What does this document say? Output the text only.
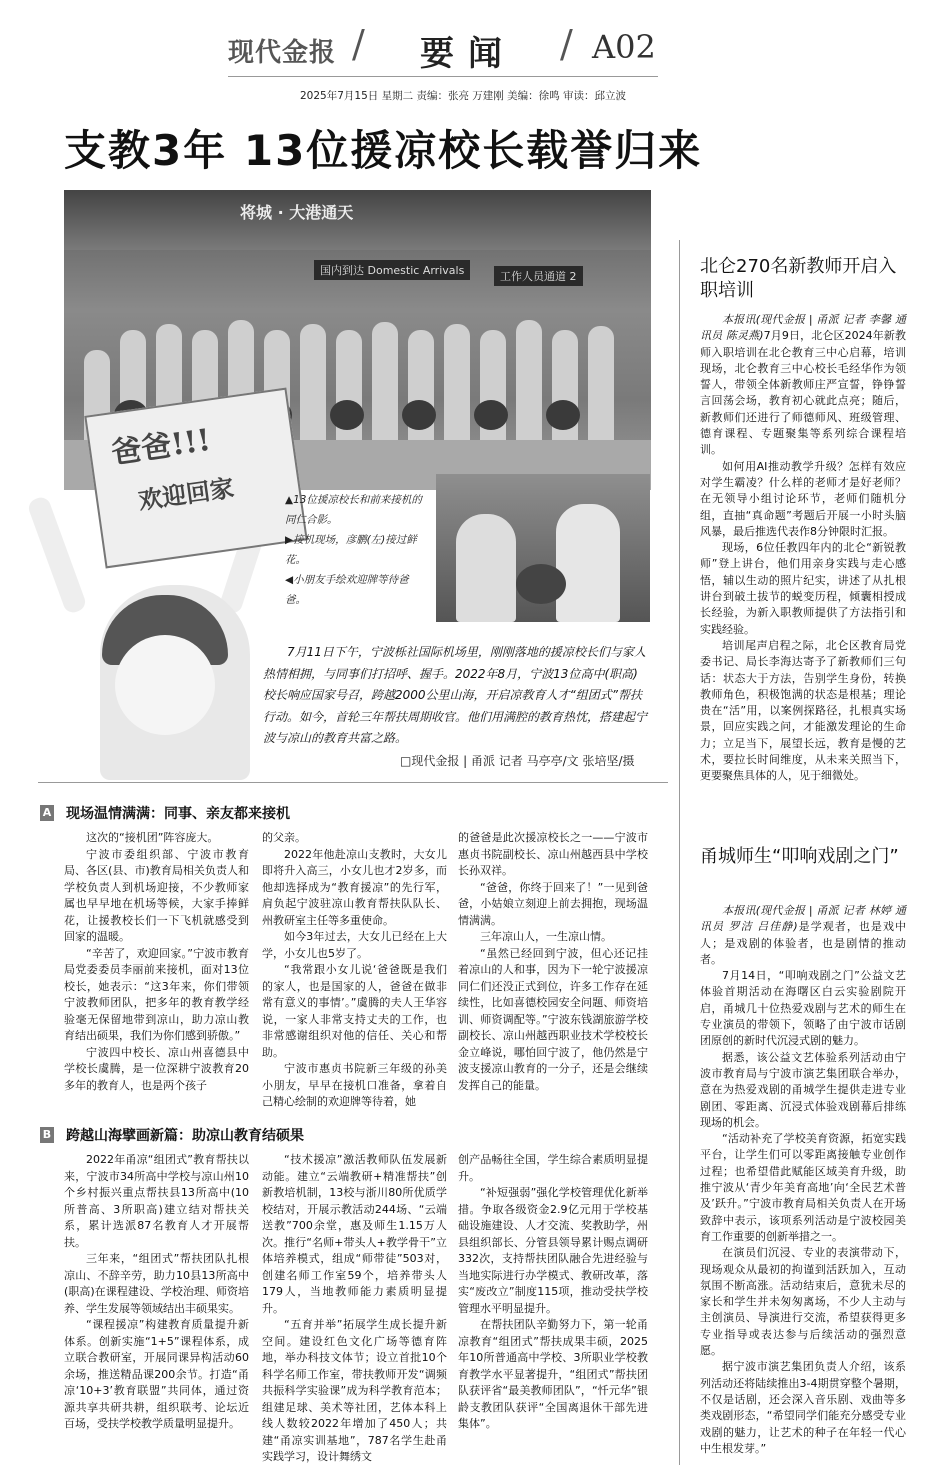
现代金报 / 要闻 / A02
2025年7月15日 星期二 责编：张亮 万建刚 美编：徐鸣 审读：邱立波
支教3年 13位援凉校长载誉归来
将城 · 大港通天
国内到达 Domestic Arrivals	工作人员通道 2
爸爸!!!
欢迎回家	▲13位援凉校长和前来接机的同仁合影。
▶接机现场，彦鹏(左)接过鲜花。
◀小朋友手绘欢迎牌等待爸爸。
7月11日下午，宁波栎社国际机场里，刚刚落地的援凉校长们与家人热情相拥，与同事们打招呼、握手。2022年8月，宁波13位高中(职高)校长响应国家号召，跨越2000公里山海，开启凉教育人才“组团式”帮扶行动。如今，首轮三年帮扶周期收官。他们用满腔的教育热忱，搭建起宁波与凉山的教育共富之路。
□现代金报 | 甬派 记者 马亭亭/文 张培坚/摄
A 现场温情满满：同事、亲友都来接机

这次的“接机团”阵容庞大。

宁波市委组织部、宁波市教育局、各区(县、市)教育局相关负责人和学校负责人到机场迎接，不少教师家属也早早地在机场等候，大家手捧鲜花，让援教校长们一下飞机就感受到回家的温暖。

“辛苦了，欢迎回家。”宁波市教育局党委委员李丽前来接机，面对13位校长，她表示：“这3年来，你们带领宁波教师团队，把多年的教育教学经验毫无保留地带到凉山，助力凉山教育结出硕果，我们为你们感到骄傲。”

宁波四中校长、凉山州喜德县中学校长虞腾，是一位深耕宁波教育20多年的教育人，也是两个孩子

的父亲。

2022年他赴凉山支教时，大女儿即将升入高三，小女儿也才2岁多，而他却选择成为“教育援凉”的先行军，肩负起宁波驻凉山教育帮扶队队长、州教研室主任等多重使命。

如今3年过去，大女儿已经在上大学，小女儿也5岁了。

“我常跟小女儿说‘爸爸既是我们的家人，也是国家的人，爸爸在做非常有意义的事情’。”虞腾的夫人王华容说，一家人非常支持丈夫的工作，也非常感谢组织对他的信任、关心和帮助。

宁波市惠贞书院新三年级的孙美小朋友，早早在接机口准备，拿着自己精心绘制的欢迎牌等待着，她

的爸爸是此次援凉校长之一——宁波市惠贞书院副校长、凉山州越西县中学校长孙双祥。

“爸爸，你终于回来了！”一见到爸爸，小姑娘立刻迎上前去拥抱，现场温情满满。

三年凉山人，一生凉山情。

“虽然已经回到宁波，但心还记挂着凉山的人和事，因为下一轮宁波援凉同仁们还没正式到位，许多工作存在延续性，比如喜德校园安全问题、师资培训、师资调配等。”宁波东钱湖旅游学校副校长、凉山州越西职业技术学校校长金立峰说，哪怕回宁波了，他仍然是宁波支援凉山教育的一分子，还是会继续发挥自己的能量。

B 跨越山海擘画新篇：助凉山教育结硕果

2022年甬凉“组团式”教育帮扶以来，宁波市34所高中学校与凉山州10个乡村振兴重点帮扶县13所高中(10所普高、3所职高)建立结对帮扶关系，累计选派87名教育人才开展帮扶。

三年来，“组团式”帮扶团队扎根凉山、不辞辛劳，助力10县13所高中(职高)在课程建设、学校治理、师资培养、学生发展等领域结出丰硕果实。

“课程援凉”构建教育质量提升新体系。创新实施“1+5”课程体系，成立联合教研室，开展同课异构活动60余场，推送精品课200余节。打造“甬凉‘10+3’教育联盟”共同体，通过资源共享共研共耕，组织联考、论坛近百场，受扶学校教学质量明显提升。

“技术援凉”激活教师队伍发展新动能。建立“云端教研+精准帮扶”创新教培机制，13校与浙川80所优质学校结对，开展示教活动244场、“云端送教”700余堂，惠及师生1.15万人次。推行“名师+带头人+教学骨干”立体培养模式，组成“师带徒”503对，创建名师工作室59个，培养带头人179人，当地教师能力素质明显提升。

“五育并举”拓展学生成长提升新空间。建设红色文化广场等德育阵地，举办科技文体节；设立首批10个科学名师工作室，带扶教师开发“调频共振科学实验课”成为科学教育范本；组建足球、美术等社团，艺体本科上线人数较2022年增加了450人；共建“甬凉实训基地”，787名学生赴甬实践学习，设计舞绣文

创产品畅往全国，学生综合素质明显提升。

“补短强弱”强化学校管理优化新举措。争取各级资金2.9亿元用于学校基础设施建设、人才交流、奖教助学，州县组织部长、分管县领导累计赐点调研332次，支持帮扶团队融合先进经验与当地实际进行办学模式、教研改革，落实“废改立”制度115项，推动受扶学校管理水平明显提升。

在帮扶团队辛勤努力下，第一轮甬凉教育“组团式”帮扶成果丰硕，2025年10所普通高中学校、3所职业学校教育教学水平显著提升，“组团式”帮扶团队获评省“最美教师团队”，“忏元华”银龄支教团队获评“全国离退休干部先进集体”。

北仑270名新教师开启入职培训

本报讯(现代金报 | 甬派 记者 李馨 通讯员 陈灵燕)7月9日，北仑区2024年新教师入职培训在北仑教育三中心启幕，培训现场，北仑教育三中心校长毛经华作为领誓人，带领全体新教师庄严宣誓，铮铮誓言回荡会场，教育初心就此点亮；随后，新教师们还进行了师德师风、班级管理、德育课程、专题聚集等系列综合课程培训。

如何用AI推动教学升级？怎样有效应对学生霸凌？什么样的老师才是好老师？在无领导小组讨论环节，老师们随机分组，直抽“真命题”考题后开展一小时头脑风暴，最后推选代表作8分钟限时汇报。

现场，6位任教四年内的北仑“新锐教师”登上讲台，他们用亲身实践与走心感悟，辅以生动的照片纪实，讲述了从扎根讲台到破土拔节的蜕变历程，倾囊相授成长经验，为新入职教师提供了方法指引和实践经验。

培训尾声启程之际，北仑区教育局党委书记、局长李海达寄予了新教师们三句话：状态大于方法，告别学生身份，转换教师角色，积极饱满的状态是根基；理论贵在“活”用，以案例探路径，扎根真实场景，回应实践之问，才能激发理论的生命力；立足当下，展望长远，教育是慢的艺术，要拉长时间维度，从未来关照当下，更要聚焦具体的人，见于细微处。

甬城师生“叩响戏剧之门”

本报讯(现代金报 | 甬派 记者 林婷 通讯员 罗洁 吕佳静)是学观者，也是戏中人；是戏剧的体验者，也是剧情的推动者。

7月14日，“叩响戏剧之门”公益文艺体验首期活动在海曙区白云实验剧院开启，甬城几十位热爱戏剧与艺术的师生在专业演员的带领下，领略了由宁波市话剧团原创的新时代沉浸式剧的魅力。

据悉，该公益文艺体验系列活动由宁波市教育局与宁波市演艺集团联合举办，意在为热爱戏剧的甬城学生提供走进专业剧团、零距离、沉浸式体验戏剧幕后排练现场的机会。

“活动补充了学校美育资源，拓宽实践平台，让学生们可以零距离接触专业创作过程；也希望借此赋能区域美育升级，助推宁波从‘青少年美育高地’向‘全民艺术普及’跃升。”宁波市教育局相关负责人在开场致辞中表示，该项系列活动是宁波校园美育工作重要的创新举措之一。

在演员们沉浸、专业的表演带动下，现场观众从最初的拘谨到活跃加入，互动氛围不断高涨。活动结束后，意犹未尽的家长和学生并未匆匆离场，不少人主动与主创演员、导演进行交流，希望获得更多专业指导或表达参与后续活动的强烈意愿。

据宁波市演艺集团负责人介绍，该系列活动还将陆续推出3-4期贯穿整个暑期，不仅是话剧，还会深入音乐剧、戏曲等多类戏剧形态，“希望同学们能充分感受专业戏剧的魅力，让艺术的种子在年轻一代心中生根发芽。”
